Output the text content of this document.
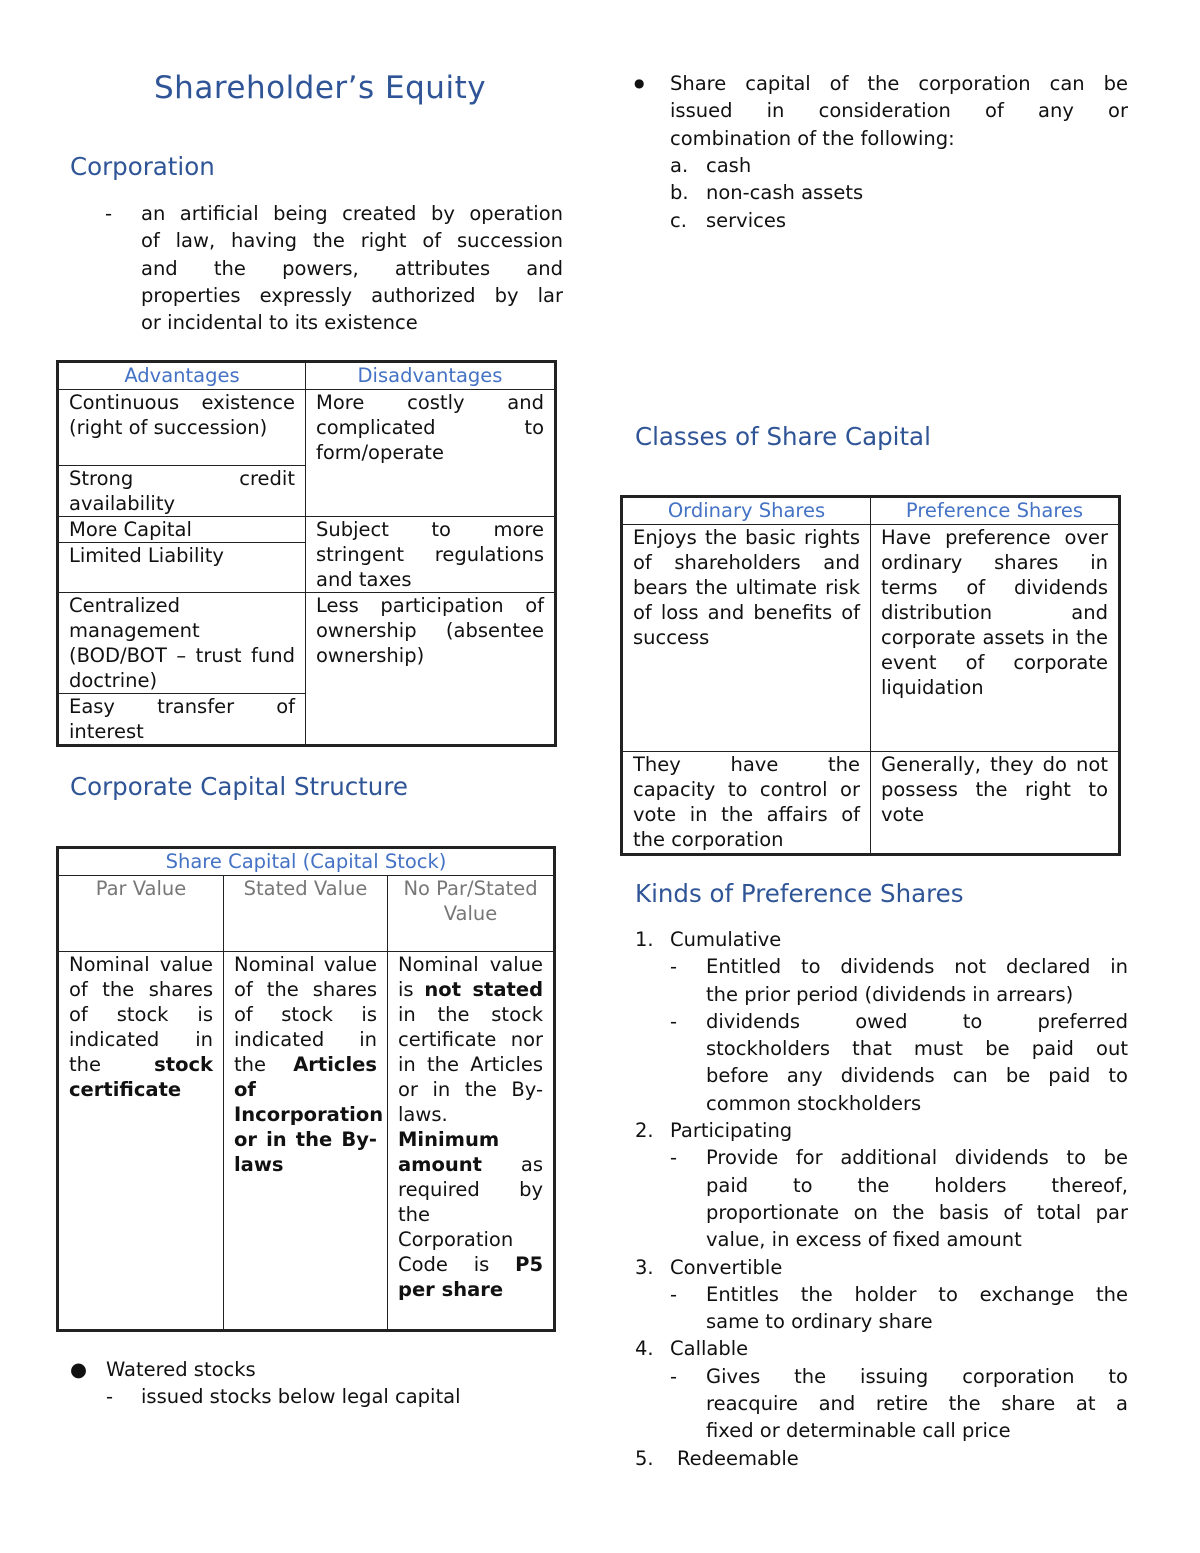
Shareholder’s Equity
Corporation
- an artificial being created by operation
of law, having the right of succession
and the powers, attributes and
properties expressly authorized by lar
or incidental to its existence
Advantages	Disadvantages
Continuous existence (right of succession)	More costly and complicated to form/operate
Strong credit availability	
More Capital	Subject to more stringent regulations and taxes
Limited Liability	
Centralized management (BOD/BOT – trust fund doctrine)	Less participation of ownership (absentee ownership)
Easy transfer of interest	
Corporate Capital Structure
Share Capital (Capital Stock)		
Par Value	Stated Value	No Par/Stated Value
Nominal value of the shares of stock is indicated in the stock certificate	Nominal value of the shares of stock is indicated in the Articles of Incorporation or in the By-laws	Nominal value is not stated in the stock certificate nor in the Articles or in the By-laws. Minimum amount as required by the Corporation Code is P5 per share
● Watered stocks
- issued stocks below legal capital
● Share capital of the corporation can be
issued in consideration of any or
combination of the following:
a. cash
b. non-cash assets
c. services
Classes of Share Capital
Ordinary Shares	Preference Shares
Enjoys the basic rights of shareholders and bears the ultimate risk of loss and benefits of success	Have preference over ordinary shares in terms of dividends distribution and corporate assets in the event of corporate liquidation
They have the capacity to control or vote in the affairs of the corporation	Generally, they do not possess the right to vote
Kinds of Preference Shares
1. Cumulative
-	Entitled to dividends not declared in
the prior period (dividends in arrears)
-	dividends owed to preferred
stockholders that must be paid out
before any dividends can be paid to
common stockholders
2. Participating
-	Provide for additional dividends to be
paid to the holders thereof,
proportionate on the basis of total par
value, in excess of fixed amount
3. Convertible
-	Entitles the holder to exchange the
same to ordinary share
4. Callable
-	Gives the issuing corporation to
reacquire and retire the share at a
fixed or determinable call price
5.	Redeemable
